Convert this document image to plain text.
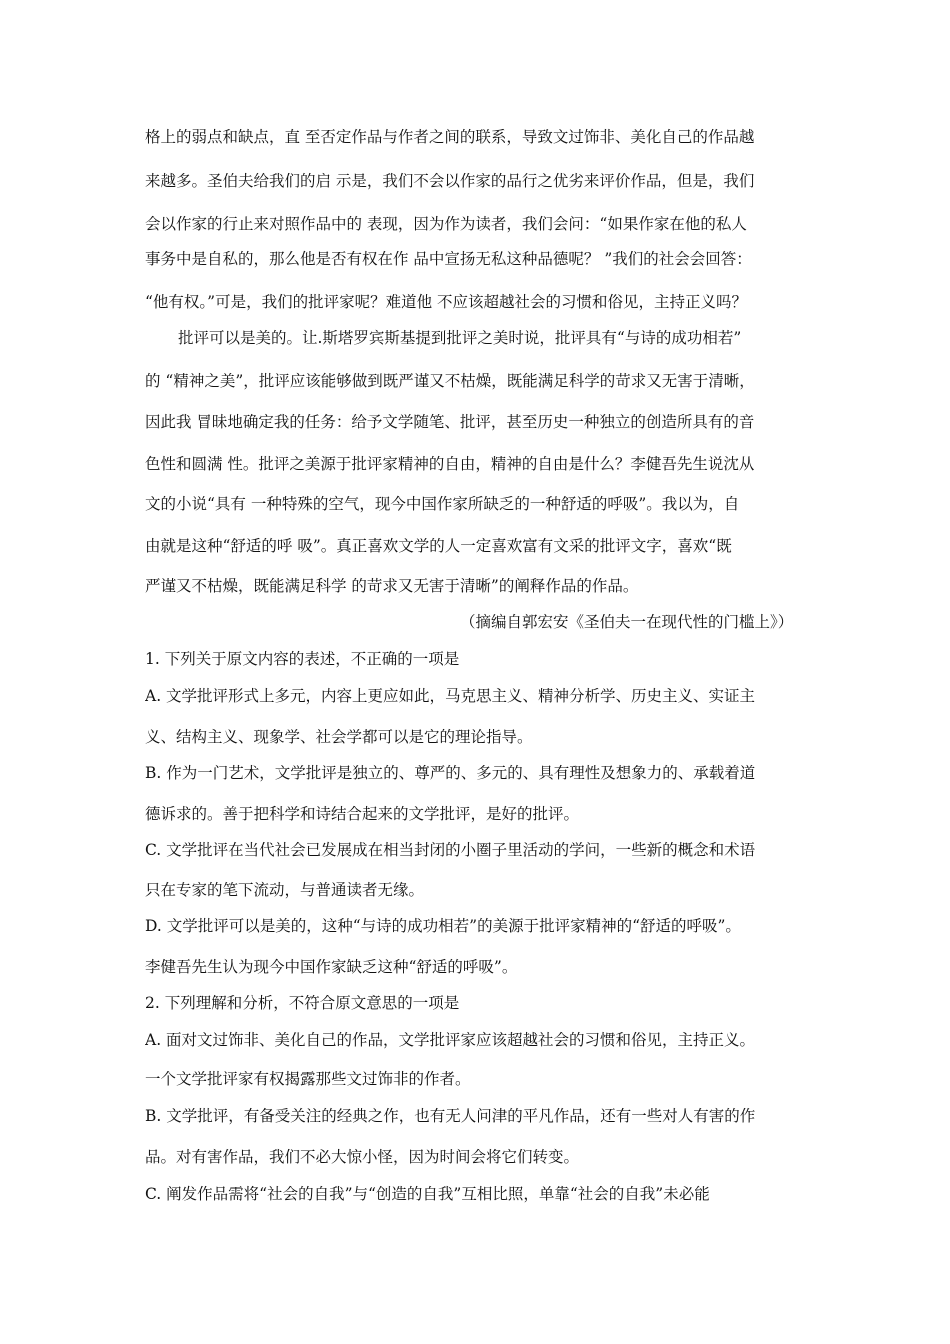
格上的弱点和缺点，直 至否定作品与作者之间的联系，导致文过饰非、美化自己的作品越
来越多。圣伯夫给我们的启 示是，我们不会以作家的品行之优劣来评价作品，但是，我们
会以作家的行止来对照作品中的 表现，因为作为读者，我们会问：“如果作家在他的私人
事务中是自私的，那么他是否有权在作 品中宣扬无私这种品德呢？ ”我们的社会会回答：
“他有权。”可是，我们的批评家呢？难道他 不应该超越社会的习惯和俗见，主持正义吗？
批评可以是美的。让.斯塔罗宾斯基提到批评之美时说，批评具有“与诗的成功相若”
的 “精神之美”，批评应该能够做到既严谨又不枯燥，既能满足科学的苛求又无害于清晰，
因此我 冒昧地确定我的任务：给予文学随笔、批评，甚至历史一种独立的创造所具有的音
色性和圆满 性。批评之美源于批评家精神的自由，精神的自由是什么？李健吾先生说沈从
文的小说“具有 一种特殊的空气，现今中国作家所缺乏的一种舒适的呼吸”。我以为，自
由就是这种“舒适的呼 吸”。真正喜欢文学的人一定喜欢富有文采的批评文字，喜欢“既
严谨又不枯燥，既能满足科学 的苛求又无害于清晰”的阐释作品的作品。
（摘编自郭宏安《圣伯夫一在现代性的门槛上》）
1. 下列关于原文内容的表述，不正确的一项是
A. 文学批评形式上多元，内容上更应如此，马克思主义、精神分析学、历史主义、实证主
义、结构主义、现象学、社会学都可以是它的理论指导。
B. 作为一门艺术，文学批评是独立的、尊严的、多元的、具有理性及想象力的、承载着道
德诉求的。善于把科学和诗结合起来的文学批评，是好的批评。
C. 文学批评在当代社会已发展成在相当封闭的小圈子里活动的学问，一些新的概念和术语
只在专家的笔下流动，与普通读者无缘。
D. 文学批评可以是美的，这种“与诗的成功相若”的美源于批评家精神的“舒适的呼吸”。
李健吾先生认为现今中国作家缺乏这种“舒适的呼吸”。
2. 下列理解和分析，不符合原文意思的一项是
A. 面对文过饰非、美化自己的作品，文学批评家应该超越社会的习惯和俗见，主持正义。
一个文学批评家有权揭露那些文过饰非的作者。
B. 文学批评，有备受关注的经典之作，也有无人问津的平凡作品，还有一些对人有害的作
品。对有害作品，我们不必大惊小怪，因为时间会将它们转变。
C. 阐发作品需将“社会的自我”与“创造的自我”互相比照，单靠“社会的自我”未必能
